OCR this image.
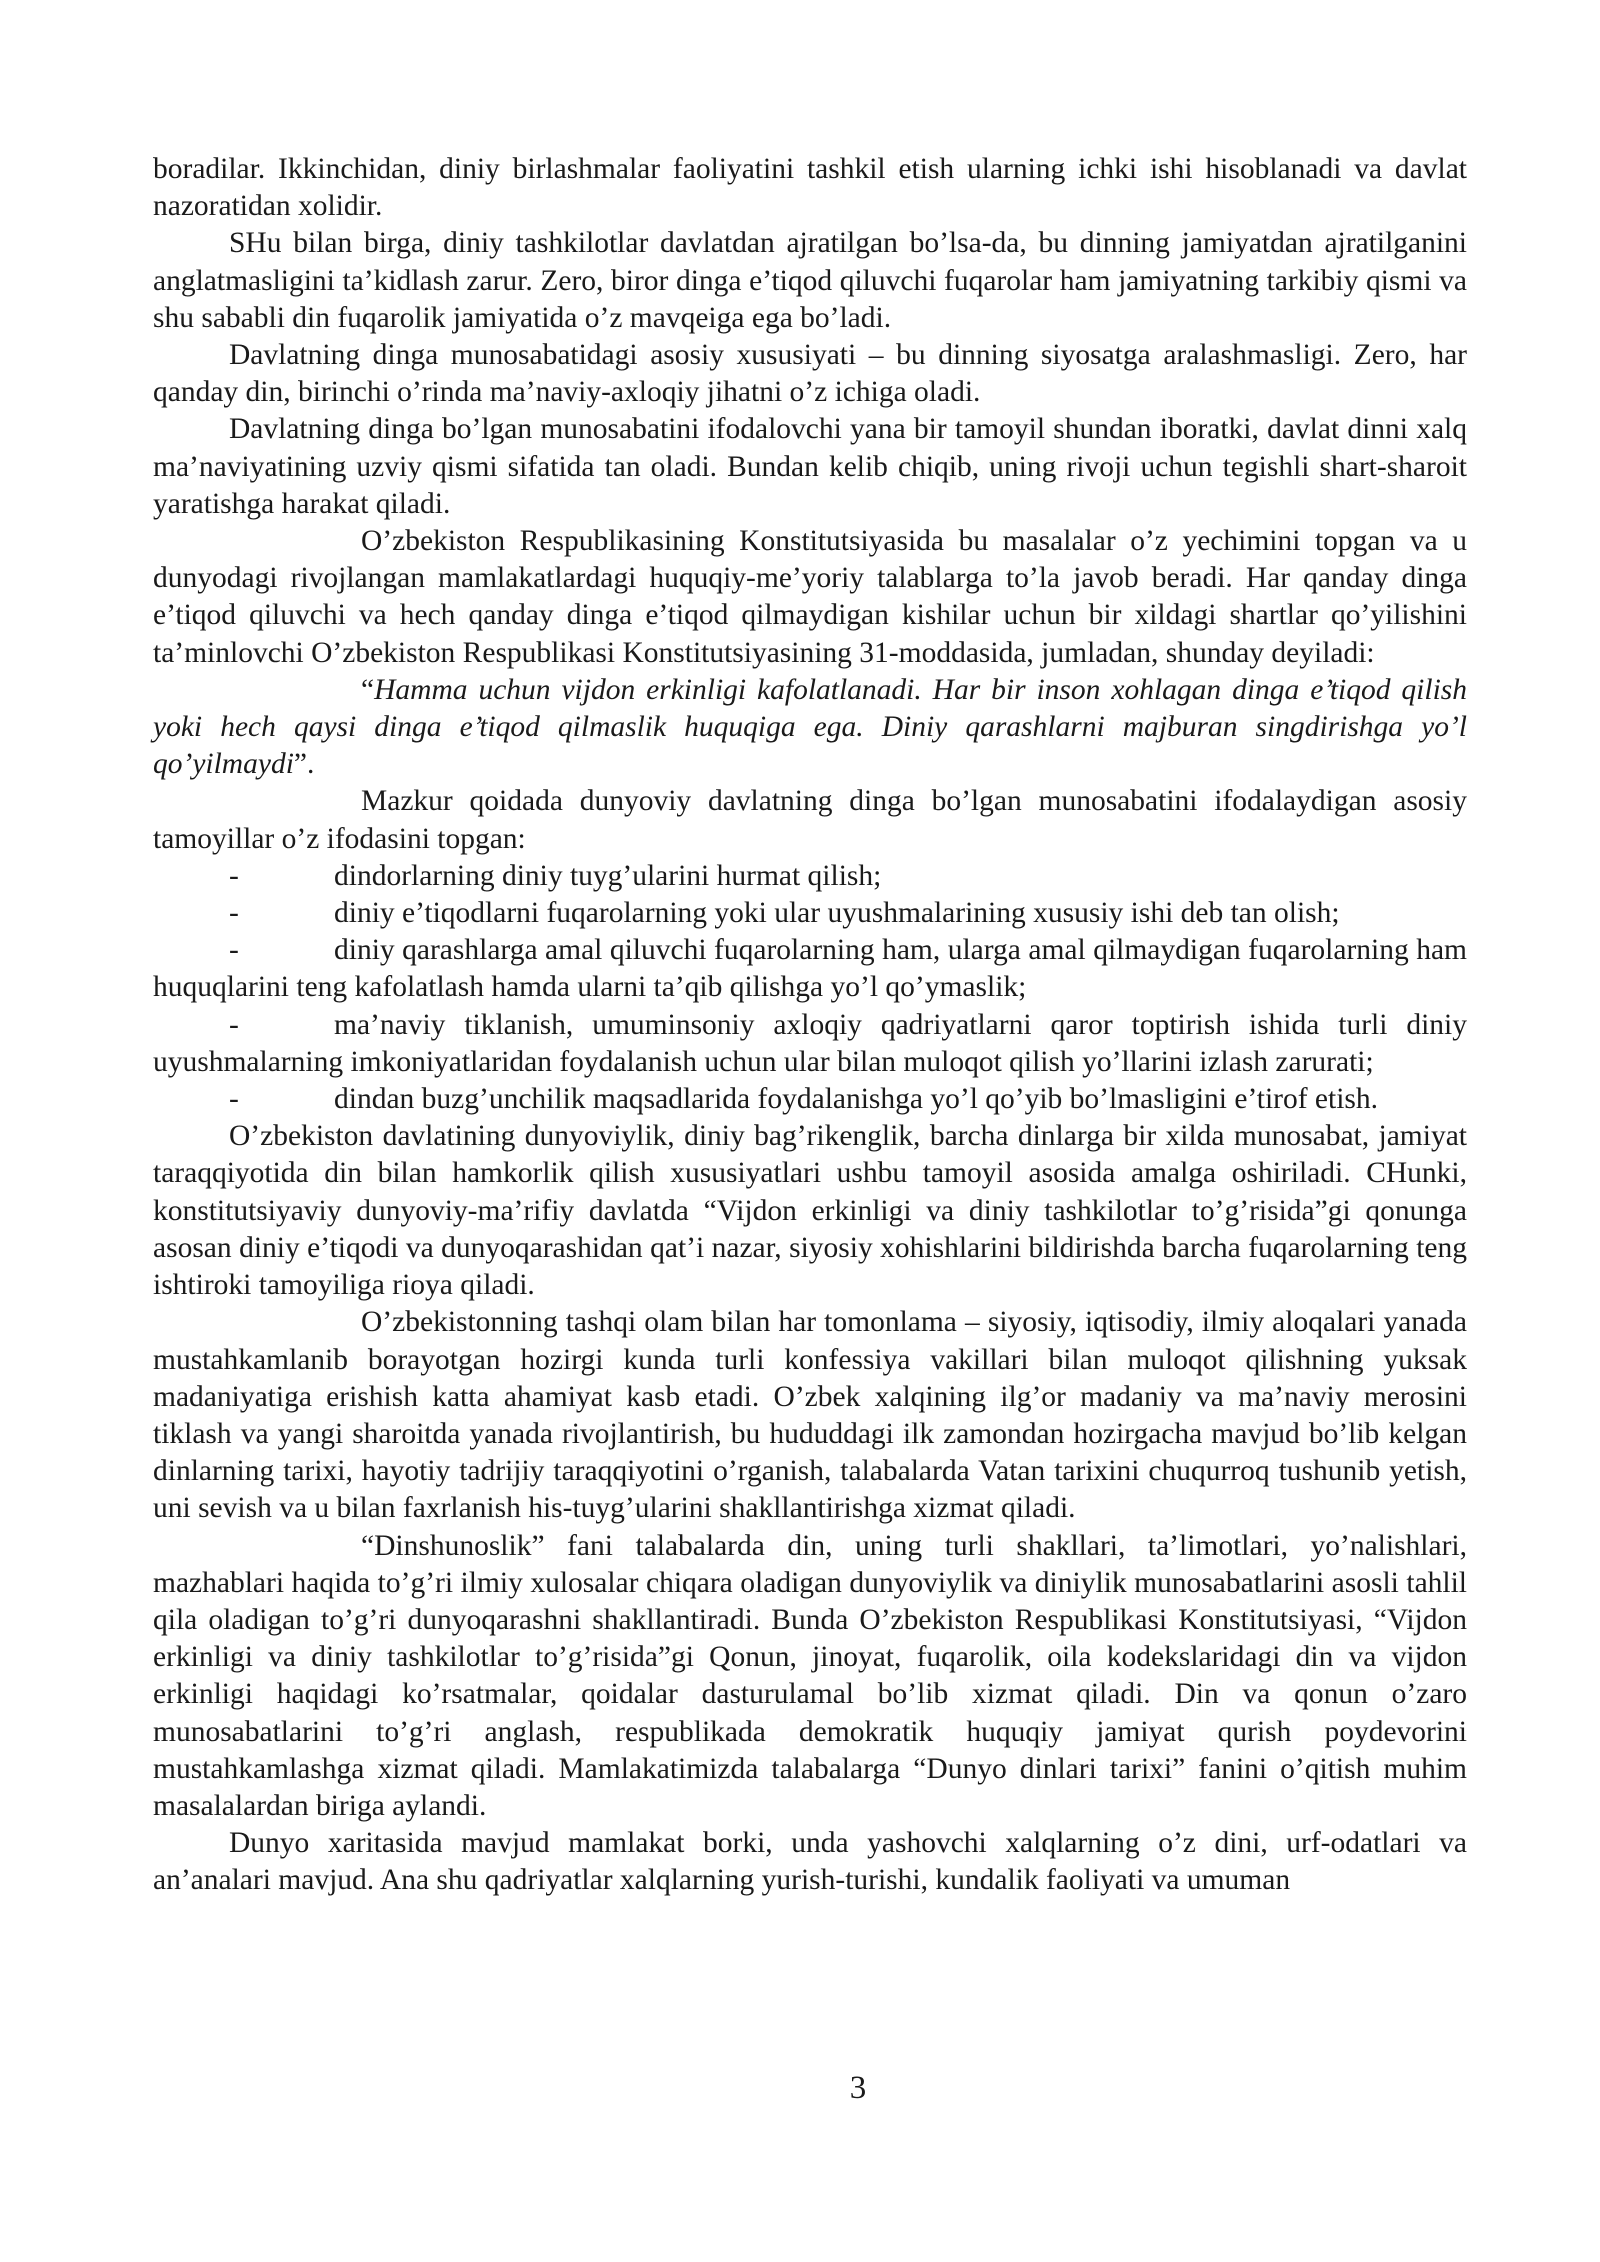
boradilar. Ikkinchidan, diniy birlashmalar faoliyatini tashkil etish ularning ichki ishi hisoblanadi va davlat nazoratidan xolidir.

SHu bilan birga, diniy tashkilotlar davlatdan ajratilgan bo’lsa-da, bu dinning jamiyatdan ajratilganini anglatmasligini ta’kidlash zarur. Zero, biror dinga e’tiqod qiluvchi fuqarolar ham jamiyatning tarkibiy qismi va shu sababli din fuqarolik jamiyatida o’z mavqeiga ega bo’ladi.

Davlatning dinga munosabatidagi asosiy xususiyati – bu dinning siyosatga aralashmasligi. Zero, har qanday din, birinchi o’rinda ma’naviy-axloqiy jihatni o’z ichiga oladi.

Davlatning dinga bo’lgan munosabatini ifodalovchi yana bir tamoyil shundan iboratki, davlat dinni xalq ma’naviyatining uzviy qismi sifatida tan oladi. Bundan kelib chiqib, uning rivoji uchun tegishli shart-sharoit yaratishga harakat qiladi.

O’zbekiston Respublikasining Konstitutsiyasida bu masalalar o’z yechimini topgan va u dunyodagi rivojlangan mamlakatlardagi huquqiy-me’yoriy talablarga to’la javob beradi. Har qanday dinga e’tiqod qiluvchi va hech qanday dinga e’tiqod qilmaydigan kishilar uchun bir xildagi shartlar qo’yilishini ta’minlovchi O’zbekiston Respublikasi Konstitutsiyasining 31-moddasida, jumladan, shunday deyiladi:

“Hamma uchun vijdon erkinligi kafolatlanadi. Har bir inson xohlagan dinga e’tiqod qilish yoki hech qaysi dinga e’tiqod qilmaslik huquqiga ega. Diniy qarashlarni majburan singdirishga yo’l qo’yilmaydi”.

Mazkur qoidada dunyoviy davlatning dinga bo’lgan munosabatini ifodalaydigan asosiy tamoyillar o’z ifodasini topgan:

-	dindorlarning diniy tuyg’ularini hurmat qilish;

-	diniy e’tiqodlarni fuqarolarning yoki ular uyushmalarining xususiy ishi deb tan olish;

-	diniy qarashlarga amal qiluvchi fuqarolarning ham, ularga amal qilmaydigan fuqarolarning ham huquqlarini teng kafolatlash hamda ularni ta’qib qilishga yo’l qo’ymaslik;

-	ma’naviy tiklanish, umuminsoniy axloqiy qadriyatlarni qaror toptirish ishida turli diniy uyushmalarning imkoniyatlaridan foydalanish uchun ular bilan muloqot qilish yo’llarini izlash zarurati;

-	dindan buzg’unchilik maqsadlarida foydalanishga yo’l qo’yib bo’lmasligini e’tirof etish.

O’zbekiston davlatining dunyoviylik, diniy bag’rikenglik, barcha dinlarga bir xilda munosabat, jamiyat taraqqiyotida din bilan hamkorlik qilish xususiyatlari ushbu tamoyil asosida amalga oshiriladi. CHunki, konstitutsiyaviy dunyoviy-ma’rifiy davlatda “Vijdon erkinligi va diniy tashkilotlar to’g’risida”gi qonunga asosan diniy e’tiqodi va dunyoqarashidan qat’i nazar, siyosiy xohishlarini bildirishda barcha fuqarolarning teng ishtiroki tamoyiliga rioya qiladi.

O’zbekistonning tashqi olam bilan har tomonlama – siyosiy, iqtisodiy, ilmiy aloqalari yanada mustahkamlanib borayotgan hozirgi kunda turli konfessiya vakillari bilan muloqot qilishning yuksak madaniyatiga erishish katta ahamiyat kasb etadi. O’zbek xalqining ilg’or madaniy va ma’naviy merosini tiklash va yangi sharoitda yanada rivojlantirish, bu hududdagi ilk zamondan hozirgacha mavjud bo’lib kelgan dinlarning tarixi, hayotiy tadrijiy taraqqiyotini o’rganish, talabalarda Vatan tarixini chuqurroq tushunib yetish, uni sevish va u bilan faxrlanish his-tuyg’ularini shakllantirishga xizmat qiladi.

“Dinshunoslik” fani talabalarda din, uning turli shakllari, ta’limotlari, yo’nalishlari, mazhablari haqida to’g’ri ilmiy xulosalar chiqara oladigan dunyoviylik va diniylik munosabatlarini asosli tahlil qila oladigan to’g’ri dunyoqarashni shakllantiradi. Bunda O’zbekiston Respublikasi Konstitutsiyasi, “Vijdon erkinligi va diniy tashkilotlar to’g’risida”gi Qonun, jinoyat, fuqarolik, oila kodekslaridagi din va vijdon erkinligi haqidagi ko’rsatmalar, qoidalar dasturulamal bo’lib xizmat qiladi. Din va qonun o’zaro munosabatlarini to’g’ri anglash, respublikada demokratik huquqiy jamiyat qurish poydevorini mustahkamlashga xizmat qiladi. Mamlakatimizda talabalarga “Dunyo dinlari tarixi” fanini o’qitish muhim masalalardan biriga aylandi.

Dunyo xaritasida mavjud mamlakat borki, unda yashovchi xalqlarning o’z dini, urf-odatlari va an’analari mavjud. Ana shu qadriyatlar xalqlarning yurish-turishi, kundalik faoliyati va umuman

3
